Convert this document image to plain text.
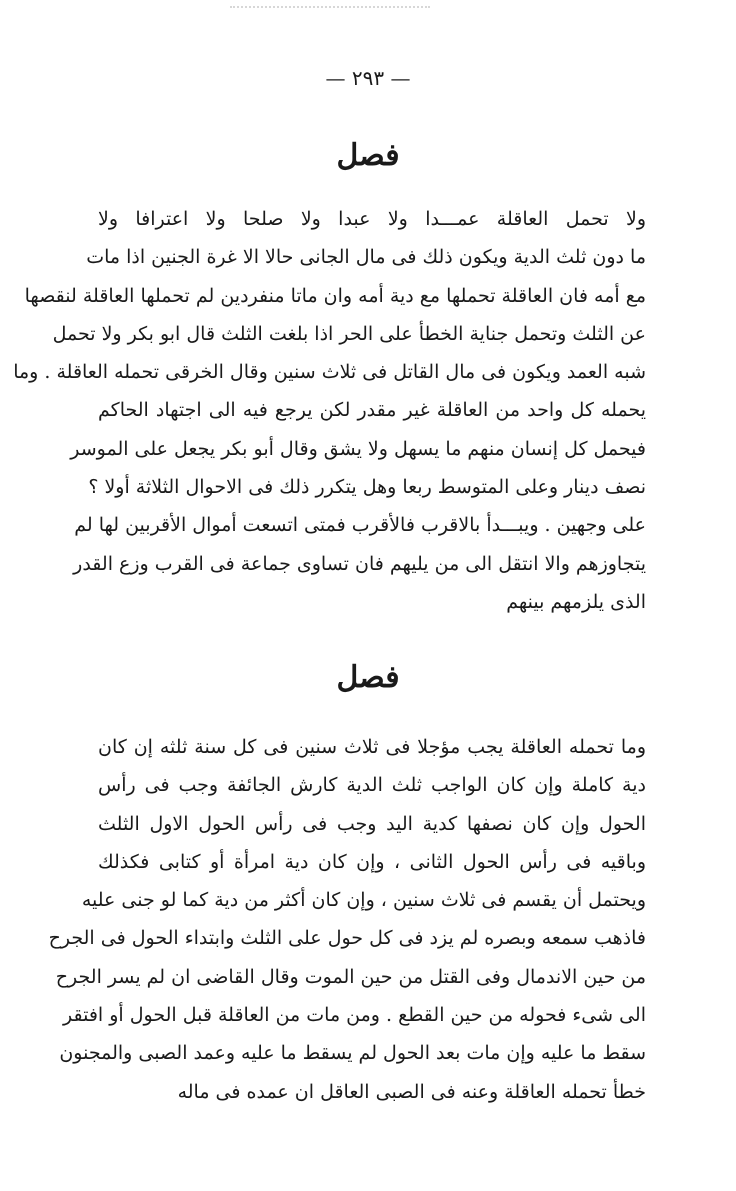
— ٢٩٣ —
فصل
ولا تحمل العاقلة عمـــدا ولا عبدا ولا صلحا ولا اعترافا ولا
ما دون ثلث الدية ويكون ذلك فى مال الجانى حالا الا غرة الجنين اذا مات
مع أمه فان العاقلة تحملها مع دية أمه وان ماتا منفردين لم تحملها العاقلة لنقصها
عن الثلث وتحمل جناية الخطأ على الحر اذا بلغت الثلث قال ابو بكر ولا تحمل
شبه العمد ويكون فى مال القاتل فى ثلاث سنين وقال الخرقى تحمله العاقلة . وما
يحمله كل واحد من العاقلة غير مقدر لكن يرجع فيه الى اجتهاد الحاكم
فيحمل كل إنسان منهم ما يسهل ولا يشق وقال أبو بكر يجعل على الموسر
نصف دينار وعلى المتوسط ربعا وهل يتكرر ذلك فى الاحوال الثلاثة أولا ؟
على وجهين . ويبـــدأ بالاقرب فالأقرب فمتى اتسعت أموال الأقربين لها لم
يتجاوزهم والا انتقل الى من يليهم فان تساوى جماعة فى القرب وزع القدر
الذى يلزمهم بينهم
فصل
وما تحمله العاقلة يجب مؤجلا فى ثلاث سنين فى كل سنة ثلثه إن كان
دية كاملة وإن كان الواجب ثلث الدية كارش الجائفة وجب فى رأس
الحول وإن كان نصفها كدية اليد وجب فى رأس الحول الاول الثلث
وباقيه فى رأس الحول الثانى ، وإن كان دية امرأة أو كتابى فكذلك
ويحتمل أن يقسم فى ثلاث سنين ، وإن كان أكثر من دية كما لو جنى عليه
فاذهب سمعه وبصره لم يزد فى كل حول على الثلث وابتداء الحول فى الجرح
من حين الاندمال وفى القتل من حين الموت وقال القاضى ان لم يسر الجرح
الى شىء فحوله من حين القطع . ومن مات من العاقلة قبل الحول أو افتقر
سقط ما عليه وإن مات بعد الحول لم يسقط ما عليه وعمد الصبى والمجنون
خطأ تحمله العاقلة وعنه فى الصبى العاقل ان عمده فى ماله
